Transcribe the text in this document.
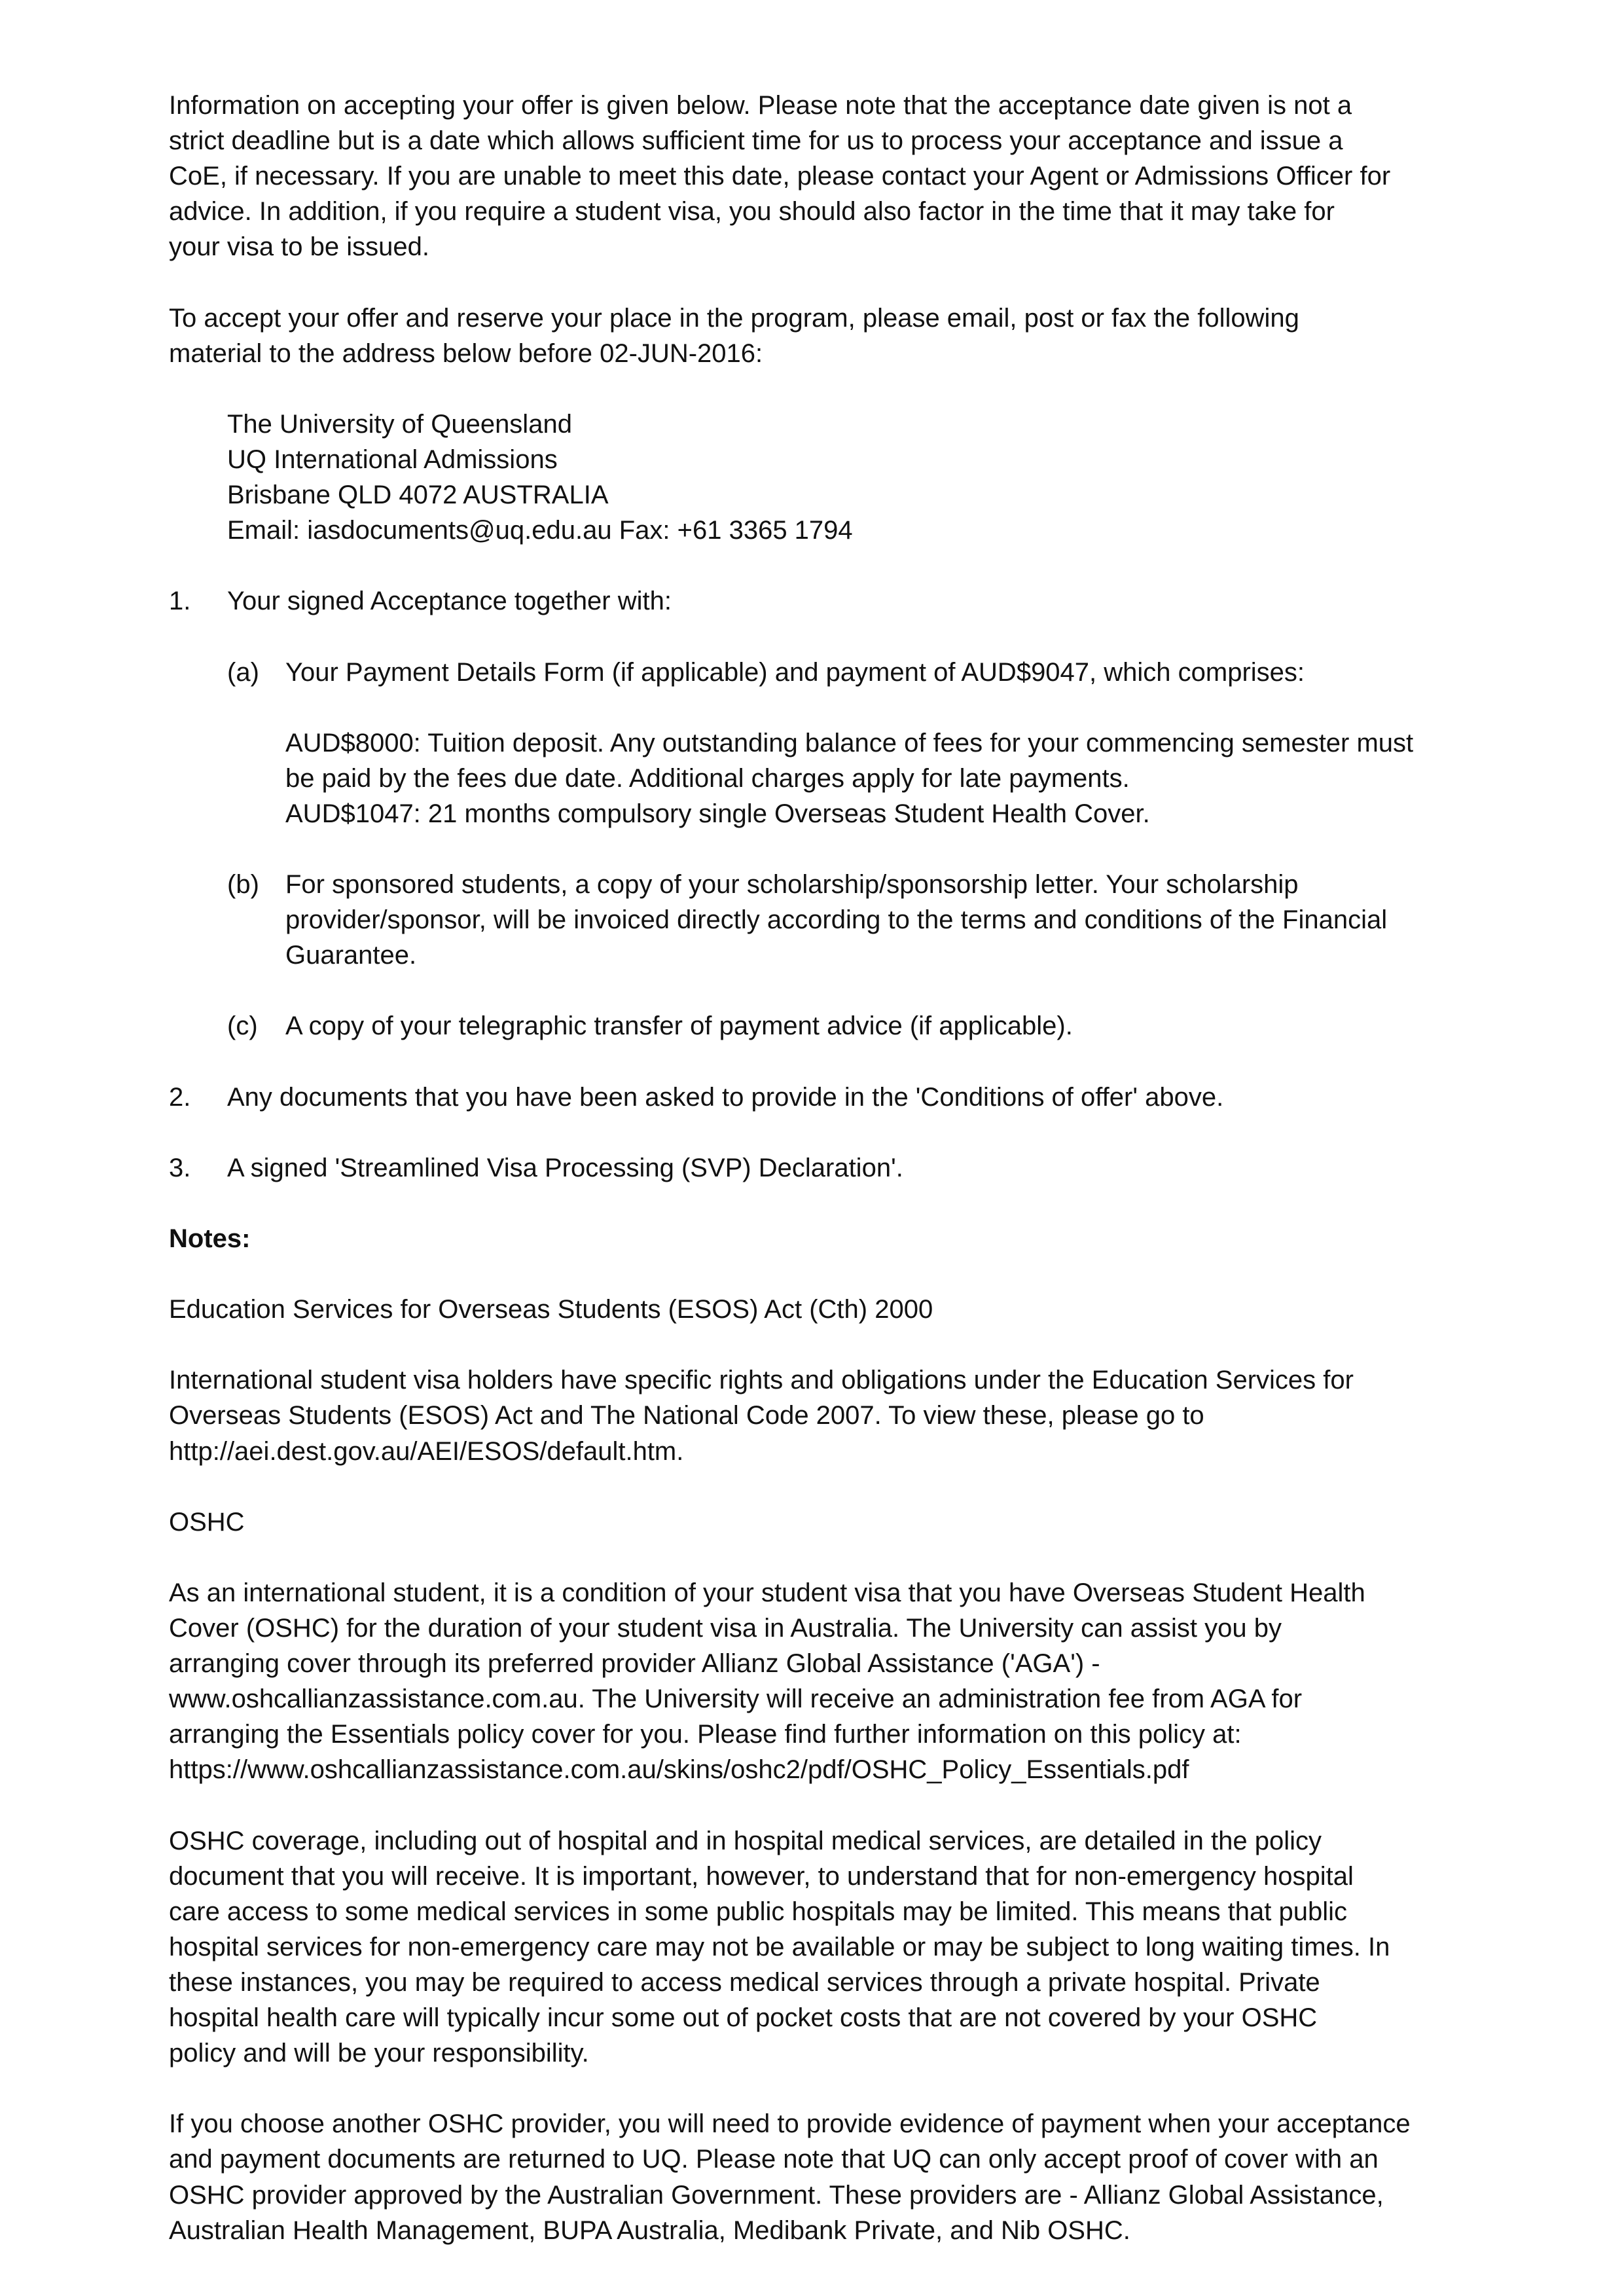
Information on accepting your offer is given below. Please note that the acceptance date given is not a
strict deadline but is a date which allows sufficient time for us to process your acceptance and issue a
CoE, if necessary. If you are unable to meet this date, please contact your Agent or Admissions Officer for
advice. In addition, if you require a student visa, you should also factor in the time that it may take for
your visa to be issued.
To accept your offer and reserve your place in the program, please email, post or fax the following
material to the address below before 02-JUN-2016:
The University of Queensland
UQ International Admissions
Brisbane QLD 4072 AUSTRALIA
Email: iasdocuments@uq.edu.au Fax: +61 3365 1794
1. Your signed Acceptance together with:
(a) Your Payment Details Form (if applicable) and payment of AUD$9047, which comprises:
AUD$8000: Tuition deposit. Any outstanding balance of fees for your commencing semester must
be paid by the fees due date. Additional charges apply for late payments.
AUD$1047: 21 months compulsory single Overseas Student Health Cover.
(b) For sponsored students, a copy of your scholarship/sponsorship letter. Your scholarship
provider/sponsor, will be invoiced directly according to the terms and conditions of the Financial
Guarantee.
(c) A copy of your telegraphic transfer of payment advice (if applicable).
2. Any documents that you have been asked to provide in the 'Conditions of offer' above.
3. A signed 'Streamlined Visa Processing (SVP) Declaration'.
Notes:
Education Services for Overseas Students (ESOS) Act (Cth) 2000
International student visa holders have specific rights and obligations under the Education Services for
Overseas Students (ESOS) Act and The National Code 2007. To view these, please go to
http://aei.dest.gov.au/AEI/ESOS/default.htm.
OSHC
As an international student, it is a condition of your student visa that you have Overseas Student Health
Cover (OSHC) for the duration of your student visa in Australia. The University can assist you by
arranging cover through its preferred provider Allianz Global Assistance ('AGA') -
www.oshcallianzassistance.com.au. The University will receive an administration fee from AGA for
arranging the Essentials policy cover for you. Please find further information on this policy at:
https://www.oshcallianzassistance.com.au/skins/oshc2/pdf/OSHC_Policy_Essentials.pdf
OSHC coverage, including out of hospital and in hospital medical services, are detailed in the policy
document that you will receive. It is important, however, to understand that for non-emergency hospital
care access to some medical services in some public hospitals may be limited. This means that public
hospital services for non-emergency care may not be available or may be subject to long waiting times. In
these instances, you may be required to access medical services through a private hospital. Private
hospital health care will typically incur some out of pocket costs that are not covered by your OSHC
policy and will be your responsibility.
If you choose another OSHC provider, you will need to provide evidence of payment when your acceptance
and payment documents are returned to UQ. Please note that UQ can only accept proof of cover with an
OSHC provider approved by the Australian Government. These providers are - Allianz Global Assistance,
Australian Health Management, BUPA Australia, Medibank Private, and Nib OSHC.
